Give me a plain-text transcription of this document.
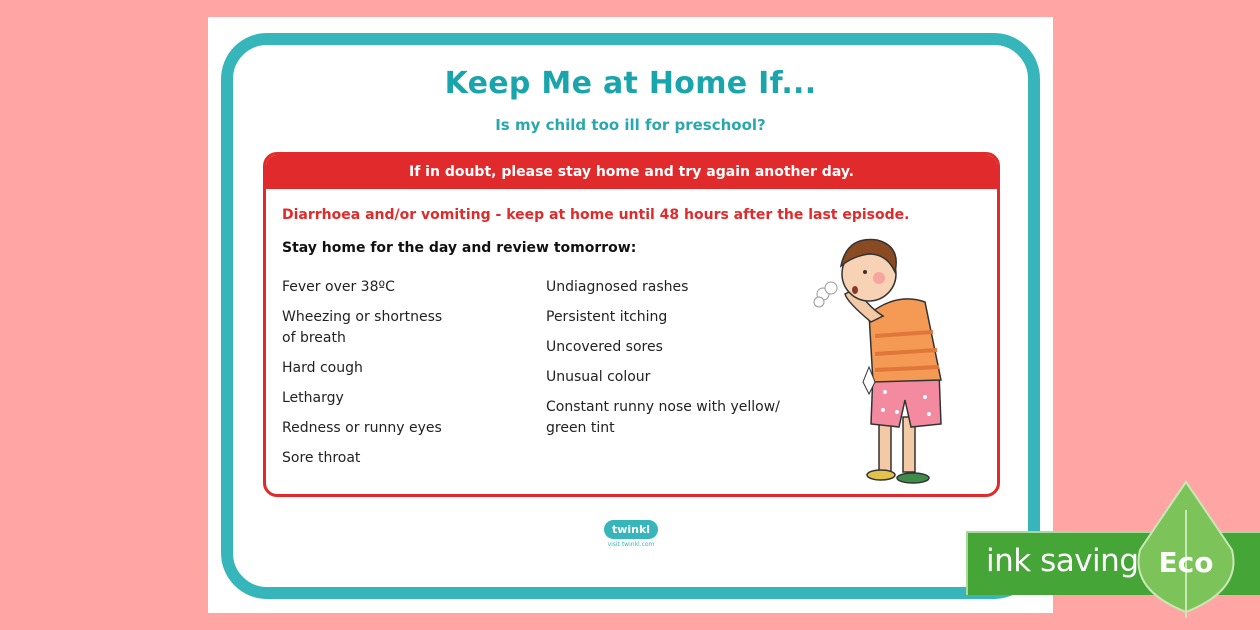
Keep Me at Home If...
Is my child too ill for preschool?
If in doubt, please stay home and try again another day.
Diarrhoea and/or vomiting - keep at home until 48 hours after the last episode.
Stay home for the day and review tomorrow:
Fever over 38ºC
Wheezing or shortness of breath
Hard cough
Lethargy
Redness or runny eyes
Sore throat
Undiagnosed rashes
Persistent itching
Uncovered sores
Unusual colour
Constant runny nose with yellow/ green tint
twinkl
visit twinkl.com	ink saving Eco
